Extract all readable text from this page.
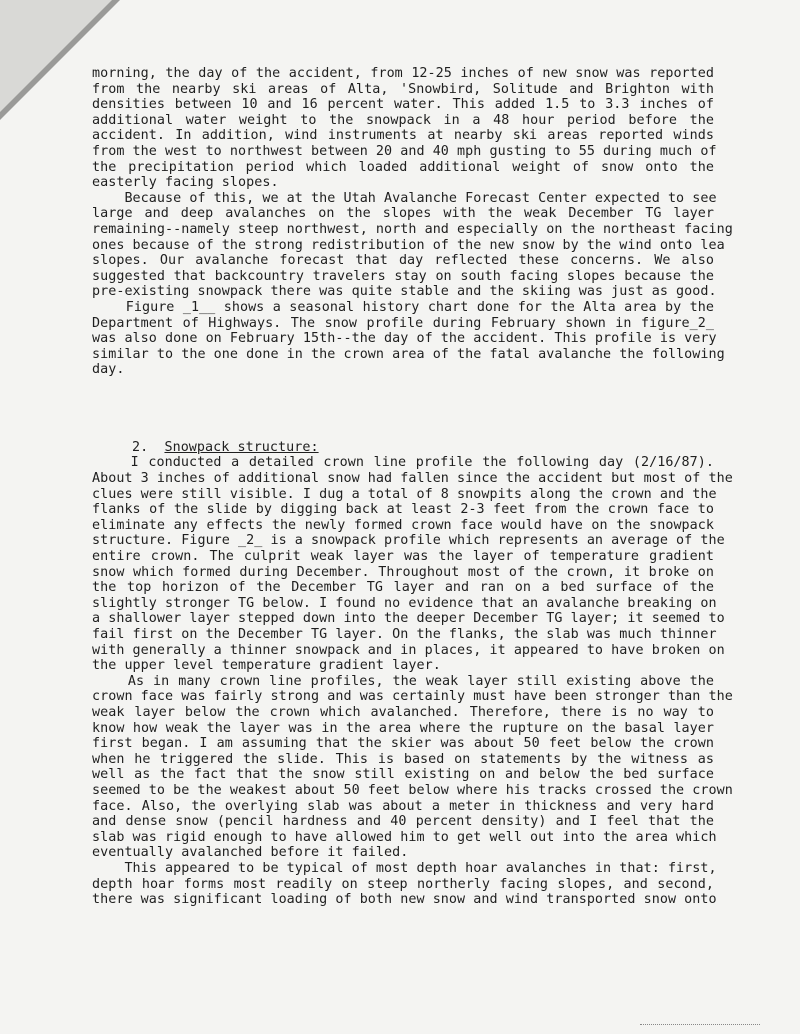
morning, the day of the accident, from 12-25 inches of new snow was reported
from the nearby ski areas of Alta, 'Snowbird, Solitude and Brighton with
densities between 10 and 16 percent water. This added 1.5 to 3.3 inches of
additional water weight to the snowpack in a 48 hour period before the
accident. In addition, wind instruments at nearby ski areas reported winds
from the west to northwest between 20 and 40 mph gusting to 55 during much of
the precipitation period which loaded additional weight of snow onto the
easterly facing slopes.
Because of this, we at the Utah Avalanche Forecast Center expected to see
large and deep avalanches on the slopes with the weak December TG layer
remaining--namely steep northwest, north and especially on the northeast facing
ones because of the strong redistribution of the new snow by the wind onto lea
slopes. Our avalanche forecast that day reflected these concerns. We also
suggested that backcountry travelers stay on south facing slopes because the
pre-existing snowpack there was quite stable and the skiing was just as good.
Figure _1__ shows a seasonal history chart done for the Alta area by the
Department of Highways. The snow profile during February shown in figure_2_
was also done on February 15th--the day of the accident. This profile is very
similar to the one done in the crown area of the fatal avalanche the following
day.
2. Snowpack structure:
I conducted a detailed crown line profile the following day (2/16/87).
About 3 inches of additional snow had fallen since the accident but most of the
clues were still visible. I dug a total of 8 snowpits along the crown and the
flanks of the slide by digging back at least 2-3 feet from the crown face to
eliminate any effects the newly formed crown face would have on the snowpack
structure. Figure _2_ is a snowpack profile which represents an average of the
entire crown. The culprit weak layer was the layer of temperature gradient
snow which formed during December. Throughout most of the crown, it broke on
the top horizon of the December TG layer and ran on a bed surface of the
slightly stronger TG below. I found no evidence that an avalanche breaking on
a shallower layer stepped down into the deeper December TG layer; it seemed to
fail first on the December TG layer. On the flanks, the slab was much thinner
with generally a thinner snowpack and in places, it appeared to have broken on
the upper level temperature gradient layer.
As in many crown line profiles, the weak layer still existing above the
crown face was fairly strong and was certainly must have been stronger than the
weak layer below the crown which avalanched. Therefore, there is no way to
know how weak the layer was in the area where the rupture on the basal layer
first began. I am assuming that the skier was about 50 feet below the crown
when he triggered the slide. This is based on statements by the witness as
well as the fact that the snow still existing on and below the bed surface
seemed to be the weakest about 50 feet below where his tracks crossed the crown
face. Also, the overlying slab was about a meter in thickness and very hard
and dense snow (pencil hardness and 40 percent density) and I feel that the
slab was rigid enough to have allowed him to get well out into the area which
eventually avalanched before it failed.
This appeared to be typical of most depth hoar avalanches in that: first,
depth hoar forms most readily on steep northerly facing slopes, and second,
there was significant loading of both new snow and wind transported snow onto
